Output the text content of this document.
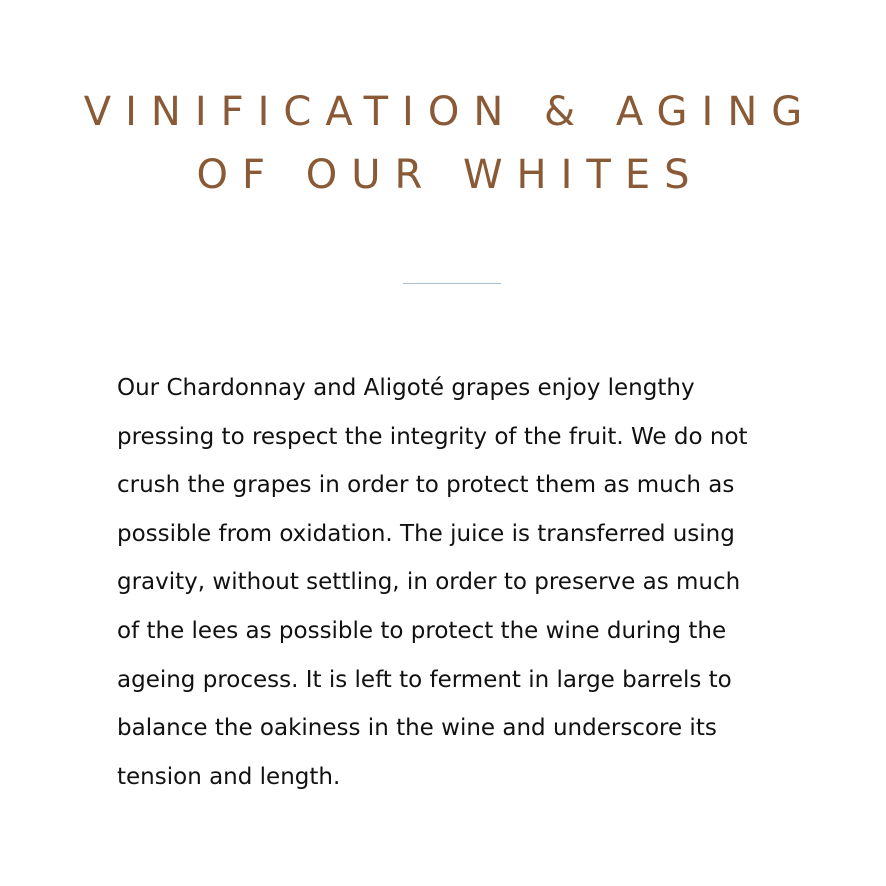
VINIFICATION & AGING
OF OUR WHITES

Our Chardonnay and Aligoté grapes enjoy lengthy
pressing to respect the integrity of the fruit. We do not
crush the grapes in order to protect them as much as
possible from oxidation. The juice is transferred using
gravity, without settling, in order to preserve as much
of the lees as possible to protect the wine during the
ageing process. It is left to ferment in large barrels to
balance the oakiness in the wine and underscore its
tension and length.
